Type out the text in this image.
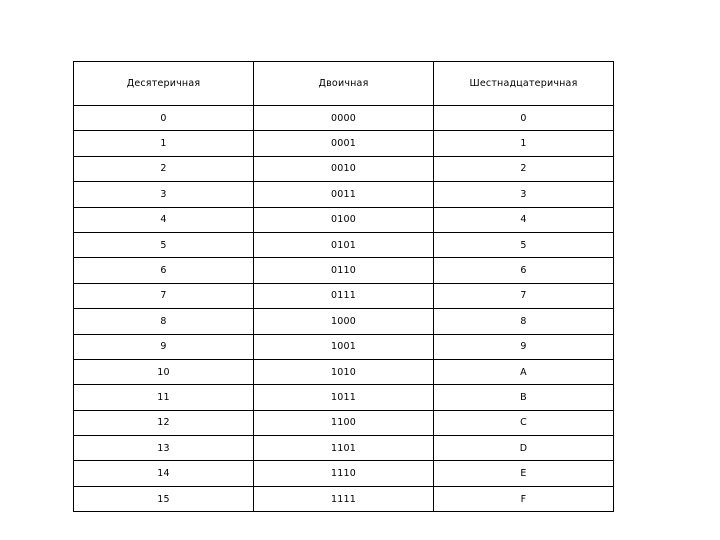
Десятеричная	Двоичная	Шестнадцатеричная
0	0000	0
1	0001	1
2	0010	2
3	0011	3
4	0100	4
5	0101	5
6	0110	6
7	0111	7
8	1000	8
9	1001	9
10	1010	A
11	1011	B
12	1100	C
13	1101	D
14	1110	E
15	1111	F
